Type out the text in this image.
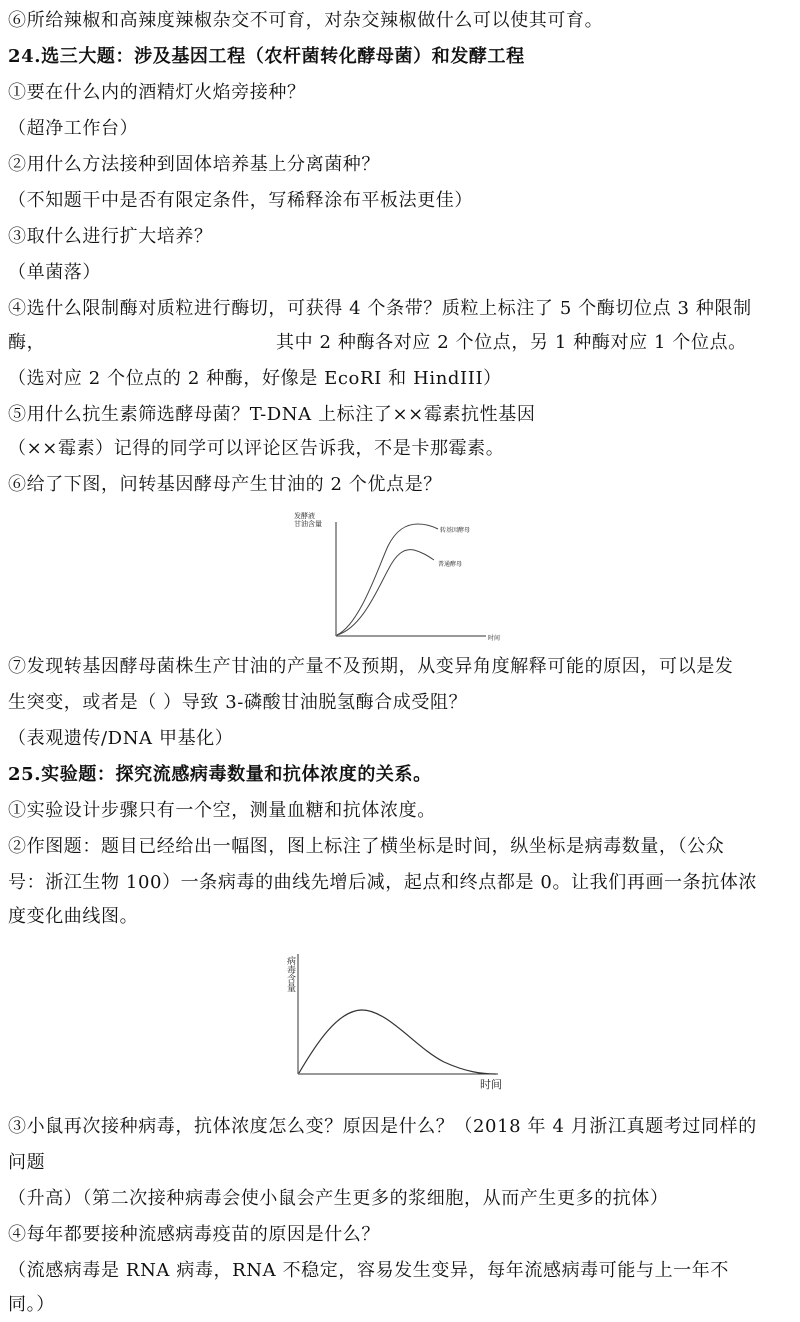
⑥所给辣椒和高辣度辣椒杂交不可育，对杂交辣椒做什么可以使其可育。
24.选三大题：涉及基因工程（农杆菌转化酵母菌）和发酵工程
①要在什么内的酒精灯火焰旁接种？
（超净工作台）
②用什么方法接种到固体培养基上分离菌种？
（不知题干中是否有限定条件，写稀释涂布平板法更佳）
③取什么进行扩大培养？
（单菌落）
④选什么限制酶对质粒进行酶切，可获得 4 个条带？质粒上标注了 5 个酶切位点 3 种限制
酶，	其中 2 种酶各对应 2 个位点，另 1 种酶对应 1 个位点。
（选对应 2 个位点的 2 种酶，好像是 EcoRI 和 HindIII）
⑤用什么抗生素筛选酵母菌？T-DNA 上标注了××霉素抗性基因
（××霉素）记得的同学可以评论区告诉我，不是卡那霉素。
⑥给了下图，问转基因酵母产生甘油的 2 个优点是？
发酵液 甘油含量
转基因酵母
普通酵母
时间
⑦发现转基因酵母菌株生产甘油的产量不及预期，从变异角度解释可能的原因，可以是发
生突变，或者是（ ）导致 3-磷酸甘油脱氢酶合成受阻？
（表观遗传/DNA 甲基化）
25.实验题：探究流感病毒数量和抗体浓度的关系。
①实验设计步骤只有一个空，测量血糖和抗体浓度。
②作图题：题目已经给出一幅图，图上标注了横坐标是时间，纵坐标是病毒数量，（公众
号：浙江生物 100）一条病毒的曲线先增后减，起点和终点都是 0。让我们再画一条抗体浓
度变化曲线图。
病毒含量
时间
③小鼠再次接种病毒，抗体浓度怎么变？原因是什么？（2018 年 4 月浙江真题考过同样的
问题
（升高）（第二次接种病毒会使小鼠会产生更多的浆细胞，从而产生更多的抗体）
④每年都要接种流感病毒疫苗的原因是什么？
（流感病毒是 RNA 病毒，RNA 不稳定，容易发生变异，每年流感病毒可能与上一年不
同。）
